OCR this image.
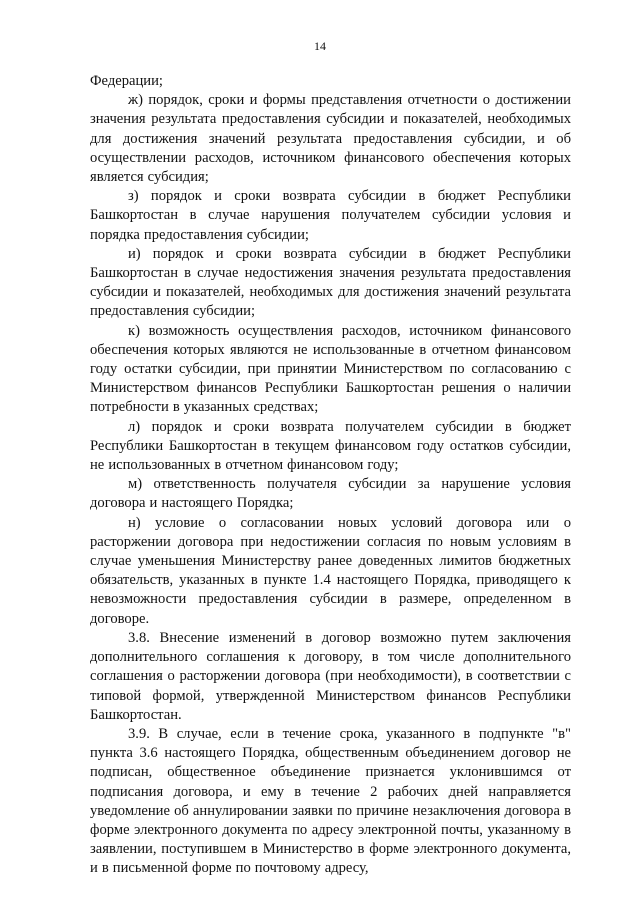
14

Федерации;

ж) порядок, сроки и формы представления отчетности о достижении значения результата предоставления субсидии и показателей, необходимых для достижения значений результата предоставления субсидии, и об осуществлении расходов, источником финансового обеспечения которых является субсидия;

з) порядок и сроки возврата субсидии в бюджет Республики Башкортостан в случае нарушения получателем субсидии условия и порядка предоставления субсидии;

и) порядок и сроки возврата субсидии в бюджет Республики Башкортостан в случае недостижения значения результата предоставления субсидии и показателей, необходимых для достижения значений результата предоставления субсидии;

к) возможность осуществления расходов, источником финансового обеспечения которых являются не использованные в отчетном финансовом году остатки субсидии, при принятии Министерством по согласованию с Министерством финансов Республики Башкортостан решения о наличии потребности в указанных средствах;

л) порядок и сроки возврата получателем субсидии в бюджет Республики Башкортостан в текущем финансовом году остатков субсидии, не использованных в отчетном финансовом году;

м) ответственность получателя субсидии за нарушение условия договора и настоящего Порядка;

н) условие о согласовании новых условий договора или о расторжении договора при недостижении согласия по новым условиям в случае уменьшения Министерству ранее доведенных лимитов бюджетных обязательств, указанных в пункте 1.4 настоящего Порядка, приводящего к невозможности предоставления субсидии в размере, определенном в договоре.

3.8. Внесение изменений в договор возможно путем заключения дополнительного соглашения к договору, в том числе дополнительного соглашения о расторжении договора (при необходимости), в соответствии с типовой формой, утвержденной Министерством финансов Республики Башкортостан.

3.9. В случае, если в течение срока, указанного в подпункте "в" пункта 3.6 настоящего Порядка, общественным объединением договор не подписан, общественное объединение признается уклонившимся от подписания договора, и ему в течение 2 рабочих дней направляется уведомление об аннулировании заявки по причине незаключения договора в форме электронного документа по адресу электронной почты, указанному в заявлении, поступившем в Министерство в форме электронного документа, и в письменной форме по почтовому адресу,
